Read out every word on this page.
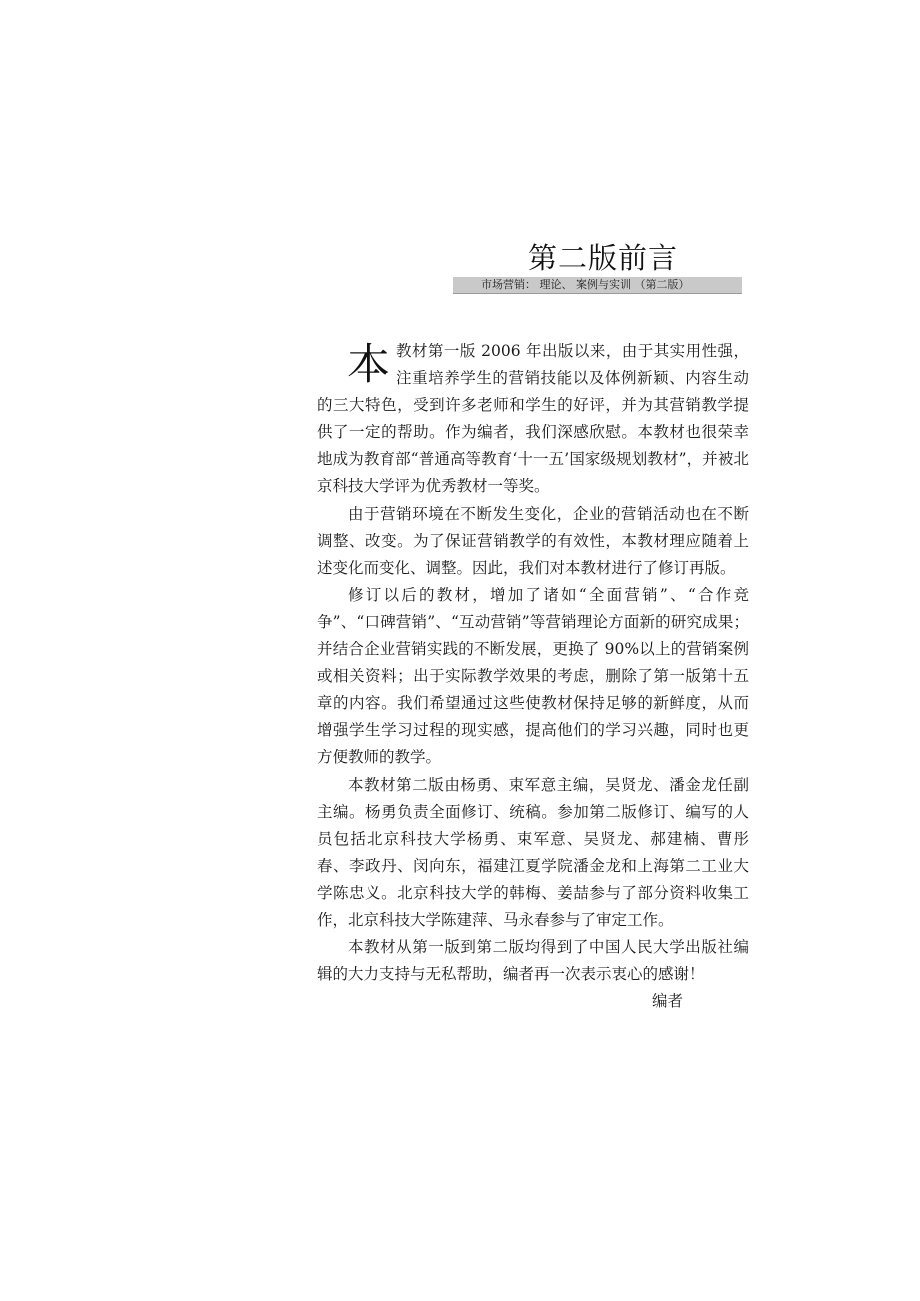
第二版前言
市场营销： 理论、 案例与实训 （第二版）

本教材第一版 2006 年出版以来，由于其实用性强，注重培养学生的营销技能以及体例新颖、内容生动的三大特色，受到许多老师和学生的好评，并为其营销教学提供了一定的帮助。作为编者，我们深感欣慰。本教材也很荣幸地成为教育部“普通高等教育‘十一五’国家级规划教材”，并被北京科技大学评为优秀教材一等奖。

由于营销环境在不断发生变化，企业的营销活动也在不断调整、改变。为了保证营销教学的有效性，本教材理应随着上述变化而变化、调整。因此，我们对本教材进行了修订再版。

修订以后的教材，增加了诸如“全面营销”、“合作竞争”、“口碑营销”、“互动营销”等营销理论方面新的研究成果；并结合企业营销实践的不断发展，更换了 90%以上的营销案例或相关资料；出于实际教学效果的考虑，删除了第一版第十五章的内容。我们希望通过这些使教材保持足够的新鲜度，从而增强学生学习过程的现实感，提高他们的学习兴趣，同时也更方便教师的教学。

本教材第二版由杨勇、束军意主编，吴贤龙、潘金龙任副主编。杨勇负责全面修订、统稿。参加第二版修订、编写的人员包括北京科技大学杨勇、束军意、吴贤龙、郝建楠、曹彤春、李政丹、闵向东，福建江夏学院潘金龙和上海第二工业大学陈忠义。北京科技大学的韩梅、姜喆参与了部分资料收集工作，北京科技大学陈建萍、马永春参与了审定工作。

本教材从第一版到第二版均得到了中国人民大学出版社编辑的大力支持与无私帮助，编者再一次表示衷心的感谢！

编者
